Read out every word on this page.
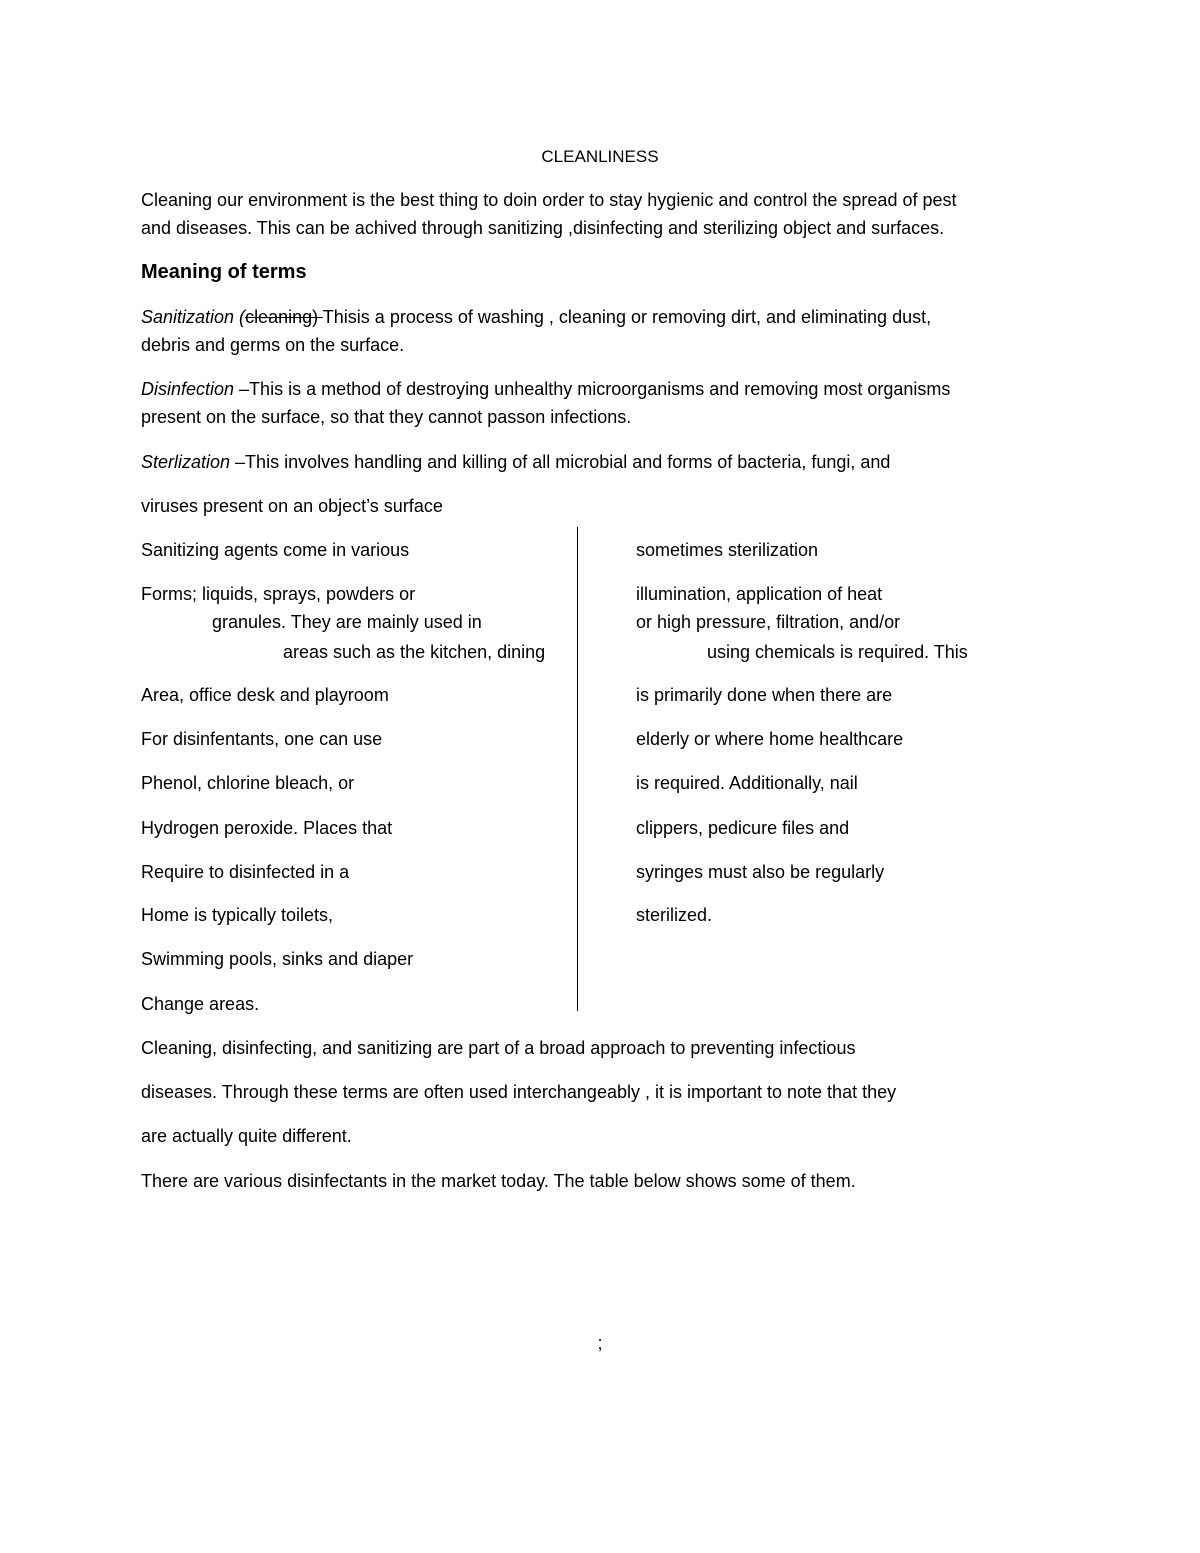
CLEANLINESS
Cleaning our environment is the best thing to doin order to stay hygienic and control the spread of pest
and diseases. This can be achived through sanitizing ,disinfecting and sterilizing object and surfaces.
Meaning of terms
Sanitization (cleaning) Thisis a process of washing , cleaning or removing dirt, and eliminating dust,
debris and germs on the surface.
Disinfection –This is a method of destroying unhealthy microorganisms and removing most organisms
present on the surface, so that they cannot passon infections.
Sterlization –This involves handling and killing of all microbial and forms of bacteria, fungi, and
viruses present on an object’s surface
Sanitizing agents come in various
Forms; liquids, sprays, powders or
granules. They are mainly used in
areas such as the kitchen, dining
Area, office desk and playroom
For disinfentants, one can use
Phenol, chlorine bleach, or
Hydrogen peroxide. Places that
Require to disinfected in a
Home is typically toilets,
Swimming pools, sinks and diaper
Change areas.
sometimes sterilization
illumination, application of heat
or high pressure, filtration, and/or
using chemicals is required. This
is primarily done when there are
elderly or where home healthcare
is required. Additionally, nail
clippers, pedicure files and
syringes must also be regularly
sterilized.
Cleaning, disinfecting, and sanitizing are part of a broad approach to preventing infectious
diseases. Through these terms are often used interchangeably , it is important to note that they
are actually quite different.
There are various disinfectants in the market today. The table below shows some of them.
;
